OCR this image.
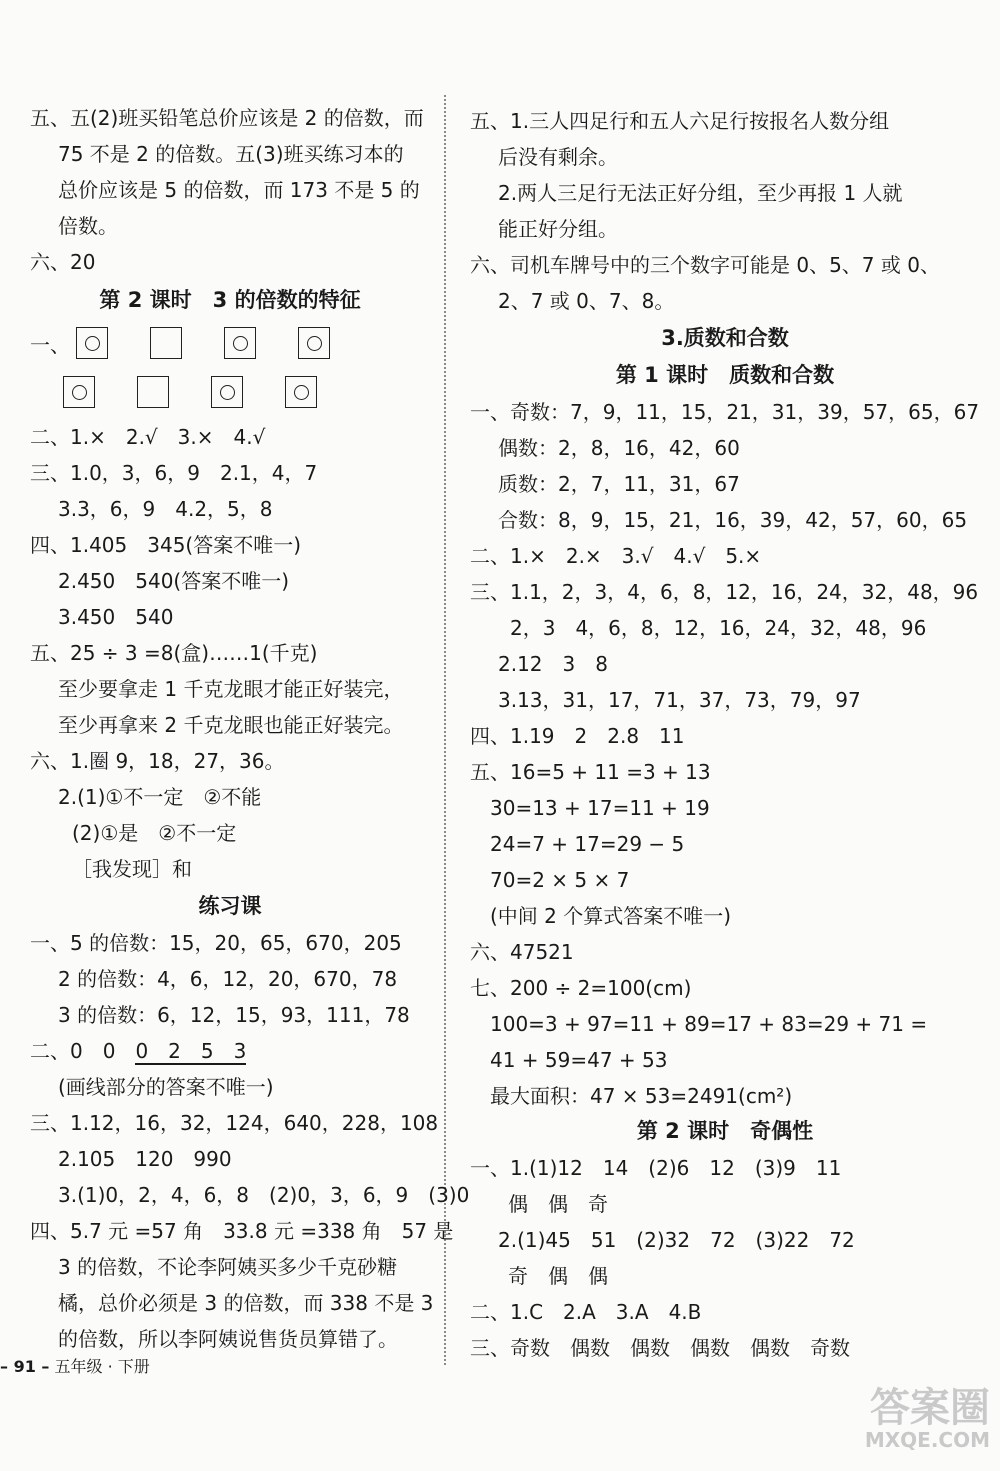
五、五(2)班买铅笔总价应该是 2 的倍数，而
75 不是 2 的倍数。五(3)班买练习本的
总价应该是 5 的倍数，而 173 不是 5 的
倍数。
六、20
第 2 课时　3 的倍数的特征
一、
二、1.×　2.√　3.×　4.√
三、1.0，3，6，9　2.1，4，7
3.3，6，9　4.2，5，8
四、1.405　345(答案不唯一)
2.450　540(答案不唯一)
3.450　540
五、25 ÷ 3 =8(盒)……1(千克)
至少要拿走 1 千克龙眼才能正好装完，
至少再拿来 2 千克龙眼也能正好装完。
六、1.圈 9，18，27，36。
2.(1)①不一定　②不能
(2)①是　②不一定
［我发现］和
练习课
一、5 的倍数：15，20，65，670，205
2 的倍数：4，6，12，20，670，78
3 的倍数：6，12，15，93，111，78
二、0　0　0　2　5　3
(画线部分的答案不唯一)
三、1.12，16，32，124，640，228，108
2.105　120　990
3.(1)0，2，4，6，8　(2)0，3，6，9　(3)0
四、5.7 元 =57 角　33.8 元 =338 角　57 是
3 的倍数，不论李阿姨买多少千克砂糖
橘，总价必须是 3 的倍数，而 338 不是 3
的倍数，所以李阿姨说售货员算错了。
五、1.三人四足行和五人六足行按报名人数分组
后没有剩余。
2.两人三足行无法正好分组，至少再报 1 人就
能正好分组。
六、司机车牌号中的三个数字可能是 0、5、7 或 0、
2、7 或 0、7、8。
3.质数和合数
第 1 课时　质数和合数
一、奇数：7，9，11，15，21，31，39，57，65，67
偶数：2，8，16，42，60
质数：2，7，11，31，67
合数：8，9，15，21，16，39，42，57，60，65
二、1.×　2.×　3.√　4.√　5.×
三、1.1，2，3，4，6，8，12，16，24，32，48，96
2，3　4，6，8，12，16，24，32，48，96
2.12　3　8
3.13，31，17，71，37，73，79，97
四、1.19　2　2.8　11
五、16=5 + 11 =3 + 13
30=13 + 17=11 + 19
24=7 + 17=29 − 5
70=2 × 5 × 7
(中间 2 个算式答案不唯一)
六、47521
七、200 ÷ 2=100(cm)
100=3 + 97=11 + 89=17 + 83=29 + 71 =
41 + 59=47 + 53
最大面积：47 × 53=2491(cm²)
第 2 课时　奇偶性
一、1.(1)12　14　(2)6　12　(3)9　11
偶　偶　奇
2.(1)45　51　(2)32　72　(3)22　72
奇　偶　偶
二、1.C　2.A　3.A　4.B
三、奇数　偶数　偶数　偶数　偶数　奇数
– 91 – 五年级 · 下册
答案圈
MXQE.COM
